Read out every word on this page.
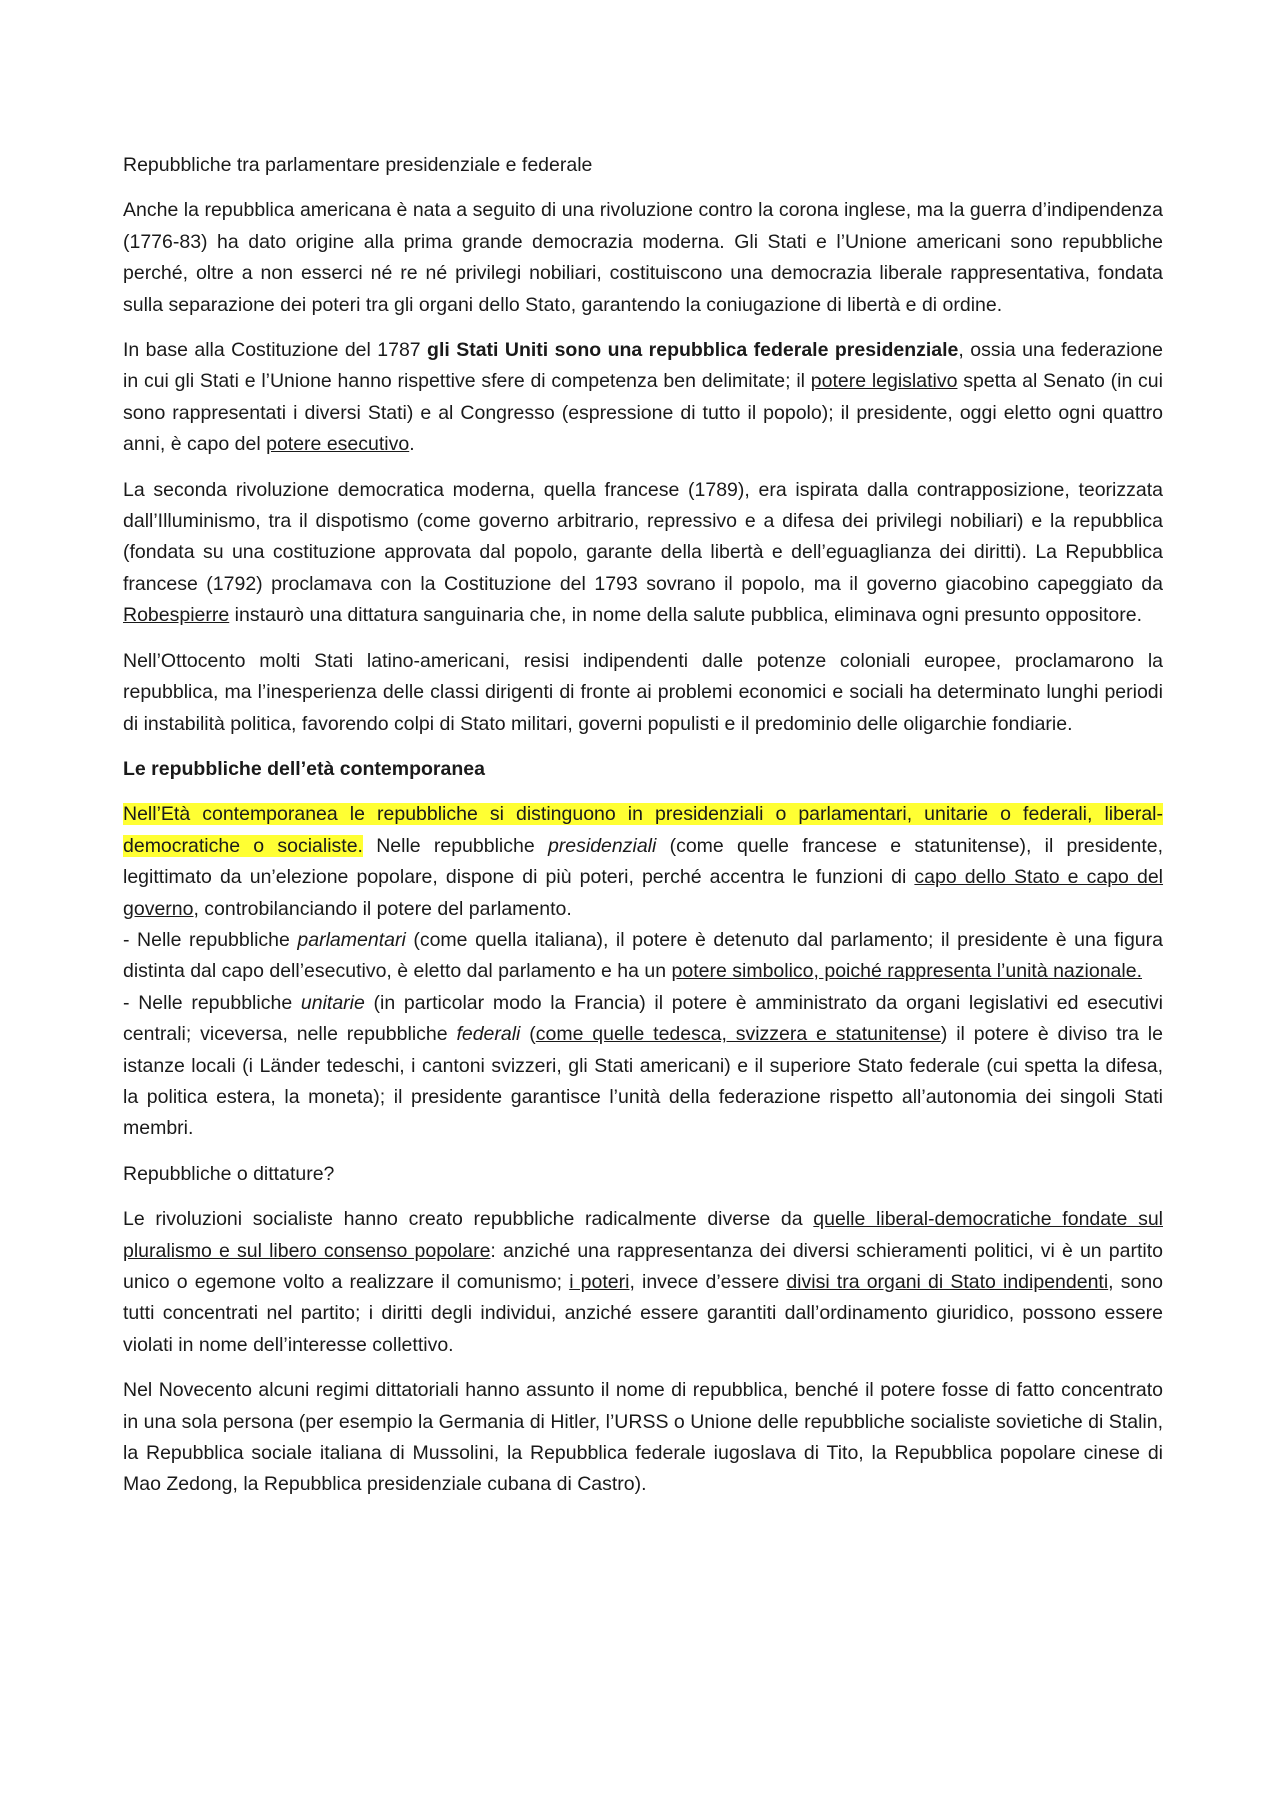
Repubbliche tra parlamentare presidenziale e federale

Anche la repubblica americana è nata a seguito di una rivoluzione contro la corona inglese, ma la guerra d’indipendenza (1776-83) ha dato origine alla prima grande democrazia moderna. Gli Stati e l’Unione americani sono repubbliche perché, oltre a non esserci né re né privilegi nobiliari, costituiscono una democrazia liberale rappresentativa, fondata sulla separazione dei poteri tra gli organi dello Stato, garantendo la coniugazione di libertà e di ordine.

In base alla Costituzione del 1787 gli Stati Uniti sono una repubblica federale presidenziale, ossia una federazione in cui gli Stati e l’Unione hanno rispettive sfere di competenza ben delimitate; il potere legislativo spetta al Senato (in cui sono rappresentati i diversi Stati) e al Congresso (espressione di tutto il popolo); il presidente, oggi eletto ogni quattro anni, è capo del potere esecutivo.

La seconda rivoluzione democratica moderna, quella francese (1789), era ispirata dalla contrapposizione, teorizzata dall’Illuminismo, tra il dispotismo (come governo arbitrario, repressivo e a difesa dei privilegi nobiliari) e la repubblica (fondata su una costituzione approvata dal popolo, garante della libertà e dell’eguaglianza dei diritti). La Repubblica francese (1792) proclamava con la Costituzione del 1793 sovrano il popolo, ma il governo giacobino capeggiato da Robespierre instaurò una dittatura sanguinaria che, in nome della salute pubblica, eliminava ogni presunto oppositore.

Nell’Ottocento molti Stati latino-americani, resisi indipendenti dalle potenze coloniali europee, proclamarono la repubblica, ma l’inesperienza delle classi dirigenti di fronte ai problemi economici e sociali ha determinato lunghi periodi di instabilità politica, favorendo colpi di Stato militari, governi populisti e il predominio delle oligarchie fondiarie.

Le repubbliche dell’età contemporanea

Nell’Età contemporanea le repubbliche si distinguono in presidenziali o parlamentari, unitarie o federali, liberal-democratiche o socialiste. Nelle repubbliche presidenziali (come quelle francese e statunitense), il presidente, legittimato da un’elezione popolare, dispone di più poteri, perché accentra le funzioni di capo dello Stato e capo del governo, controbilanciando il potere del parlamento.

- Nelle repubbliche parlamentari (come quella italiana), il potere è detenuto dal parlamento; il presidente è una figura distinta dal capo dell’esecutivo, è eletto dal parlamento e ha un potere simbolico, poiché rappresenta l’unità nazionale.

- Nelle repubbliche unitarie (in particolar modo la Francia) il potere è amministrato da organi legislativi ed esecutivi centrali; viceversa, nelle repubbliche federali (come quelle tedesca, svizzera e statunitense) il potere è diviso tra le istanze locali (i Länder tedeschi, i cantoni svizzeri, gli Stati americani) e il superiore Stato federale (cui spetta la difesa, la politica estera, la moneta); il presidente garantisce l’unità della federazione rispetto all’autonomia dei singoli Stati membri.

Repubbliche o dittature?

Le rivoluzioni socialiste hanno creato repubbliche radicalmente diverse da quelle liberal-democratiche fondate sul pluralismo e sul libero consenso popolare: anziché una rappresentanza dei diversi schieramenti politici, vi è un partito unico o egemone volto a realizzare il comunismo; i poteri, invece d’essere divisi tra organi di Stato indipendenti, sono tutti concentrati nel partito; i diritti degli individui, anziché essere garantiti dall’ordinamento giuridico, possono essere violati in nome dell’interesse collettivo.

Nel Novecento alcuni regimi dittatoriali hanno assunto il nome di repubblica, benché il potere fosse di fatto concentrato in una sola persona (per esempio la Germania di Hitler, l’URSS o Unione delle repubbliche socialiste sovietiche di Stalin, la Repubblica sociale italiana di Mussolini, la Repubblica federale iugoslava di Tito, la Repubblica popolare cinese di Mao Zedong, la Repubblica presidenziale cubana di Castro).
